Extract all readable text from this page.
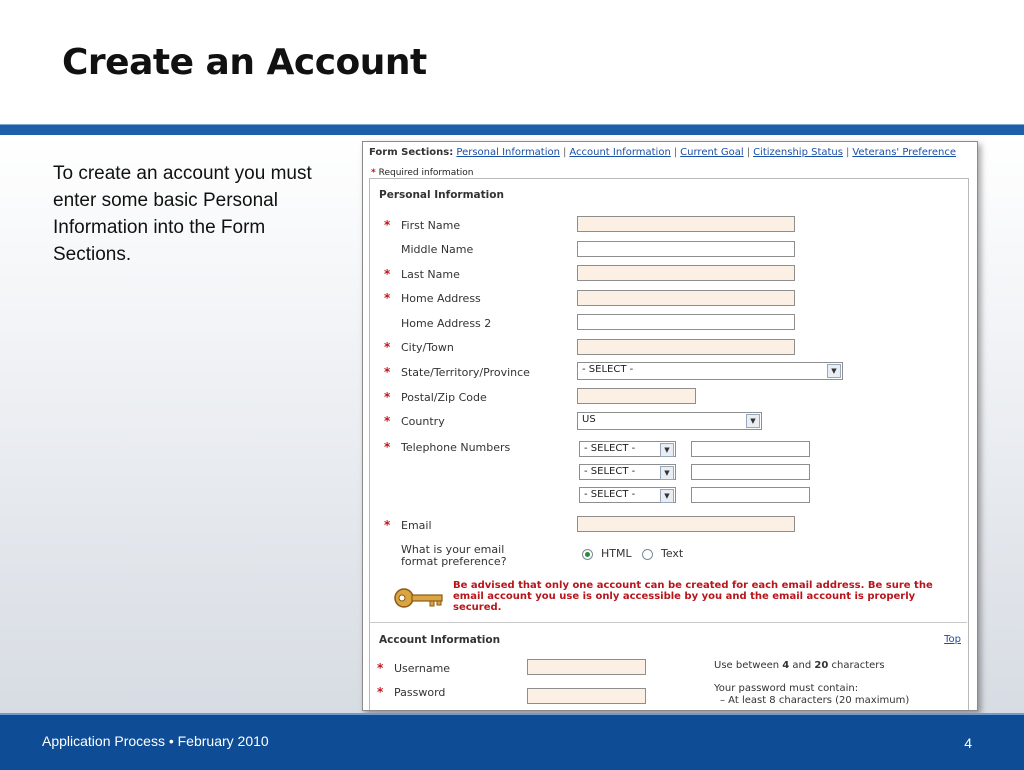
Create an Account
To create an account you must enter some basic Personal Information into the Form Sections.
Form Sections: Personal Information | Account Information | Current Goal | Citizenship Status | Veterans' Preference
* Required information
Personal Information
* First Name
Middle Name
* Last Name
* Home Address
Home Address 2
* City/Town
* State/Territory/Province	- SELECT -	▼
* Postal/Zip Code
* Country	US	▼
* Telephone Numbers	- SELECT -	▼
- SELECT -	▼
- SELECT -	▼
* Email
What is your email
format preference?
HTML	Text
Be advised that only one account can be created for each email address. Be sure the email account you use is only accessible by you and the email account is properly secured.
Account Information	Top
* Username	Use between 4 and 20 characters
* Password	Your password must contain:
– At least 8 characters (20 maximum)
Application Process • February 2010	4
